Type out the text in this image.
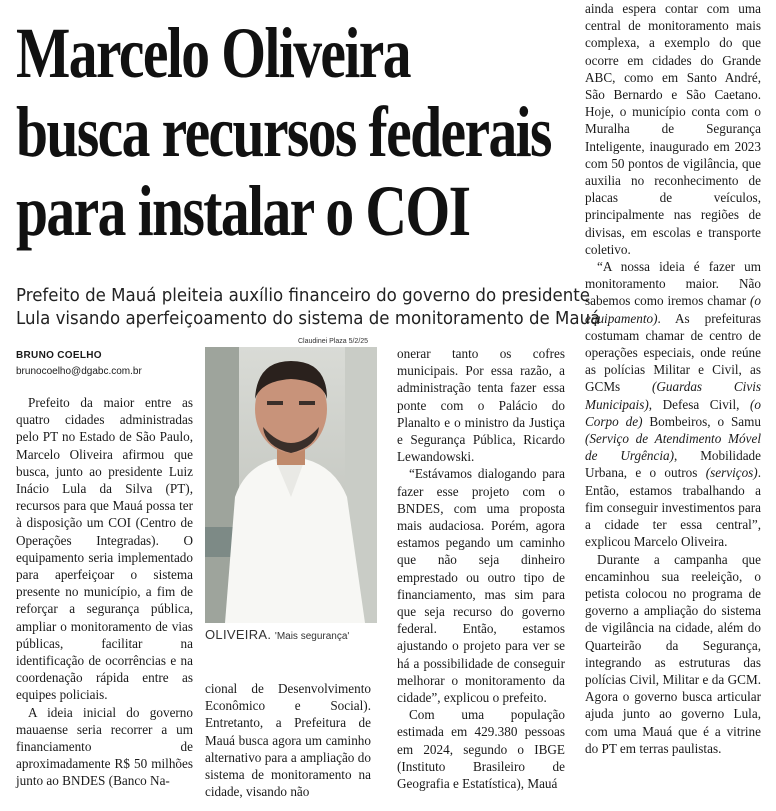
Marcelo Oliveira
busca recursos federais
para instalar o COI
Prefeito de Mauá pleiteia auxílio financeiro do governo do presidente
Lula visando aperfeiçoamento do sistema de monitoramento de Mauá
BRUNO COELHO
brunocoelho@dgabc.com.br

Prefeito da maior entre as quatro cidades administradas pelo PT no Estado de São Paulo, Marcelo Oliveira afirmou que busca, junto ao presidente Luiz Inácio Lula da Silva (PT), recursos para que Mauá possa ter à disposição um COI (Centro de Operações Integradas). O equipamento seria implementado para aperfeiçoar o sistema presente no município, a fim de reforçar a segurança pública, ampliar o monitoramento de vias públicas, facilitar na identificação de ocorrências e na coordenação rápida entre as equipes policiais.

A ideia inicial do governo mauaense seria recorrer a um financiamento de aproximadamente R$ 50 milhões junto ao BNDES (Banco Na-

Claudinei Plaza 5/2/25
OLIVEIRA. 'Mais segurança'

cional de Desenvolvimento Econômico e Social). Entretanto, a Prefeitura de Mauá busca agora um caminho alternativo para a ampliação do sistema de monitoramento na cidade, visando não

onerar tanto os cofres municipais. Por essa razão, a administração tenta fazer essa ponte com o Palácio do Planalto e o ministro da Justiça e Segurança Pública, Ricardo Lewandowski.

“Estávamos dialogando para fazer esse projeto com o BNDES, com uma proposta mais audaciosa. Porém, agora estamos pegando um caminho que não seja dinheiro emprestado ou outro tipo de financiamento, mas sim para que seja recurso do governo federal. Então, estamos ajustando o projeto para ver se há a possibilidade de conseguir melhorar o monitoramento da cidade”, explicou o prefeito.

Com uma população estimada em 429.380 pessoas em 2024, segundo o IBGE (Instituto Brasileiro de Geografia e Estatística), Mauá

ainda espera contar com uma central de monitoramento mais complexa, a exemplo do que ocorre em cidades do Grande ABC, como em Santo André, São Bernardo e São Caetano. Hoje, o município conta com o Muralha de Segurança Inteligente, inaugurado em 2023 com 50 pontos de vigilância, que auxilia no reconhecimento de placas de veículos, principalmente nas regiões de divisas, em escolas e transporte coletivo.

“A nossa ideia é fazer um monitoramento maior. Não sabemos como iremos chamar (o equipamento). As prefeituras costumam chamar de centro de operações especiais, onde reúne as polícias Militar e Civil, as GCMs (Guardas Civis Municipais), Defesa Civil, (o Corpo de) Bombeiros, o Samu (Serviço de Atendimento Móvel de Urgência), Mobilidade Urbana, e o outros (serviços). Então, estamos trabalhando a fim conseguir investimentos para a cidade ter essa central”, explicou Marcelo Oliveira.

Durante a campanha que encaminhou sua reeleição, o petista colocou no programa de governo a ampliação do sistema de vigilância na cidade, além do Quarteirão da Segurança, integrando as estruturas das polícias Civil, Militar e da GCM. Agora o governo busca articular ajuda junto ao governo Lula, com uma Mauá que é a vitrine do PT em terras paulistas.
